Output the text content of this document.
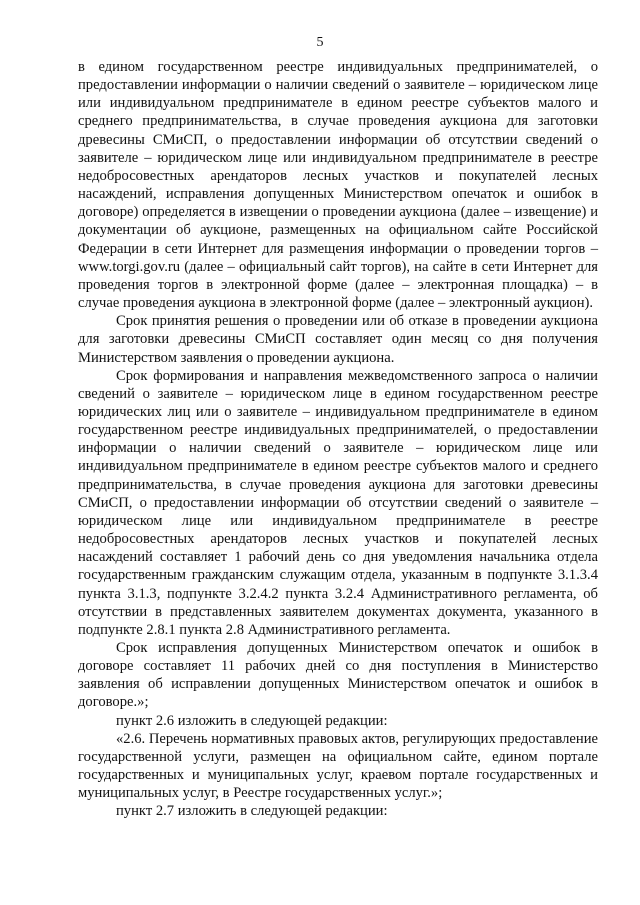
5

в едином государственном реестре индивидуальных предпринимателей, о предоставлении информации о наличии сведений о заявителе – юридическом лице или индивидуальном предпринимателе в едином реестре субъектов малого и среднего предпринимательства, в случае проведения аукциона для заготовки древесины СМиСП, о предоставлении информации об отсутствии сведений о заявителе – юридическом лице или индивидуальном предпринимателе в реестре недобросовестных арендаторов лесных участков и покупателей лесных насаждений, исправления допущенных Министерством опечаток и ошибок в договоре) определяется в извещении о проведении аукциона (далее – извещение) и документации об аукционе, размещенных на официальном сайте Российской Федерации в сети Интернет для размещения информации о проведении торгов – www.torgi.gov.ru (далее – официальный сайт торгов), на сайте в сети Интернет для проведения торгов в электронной форме (далее – электронная площадка) – в случае проведения аукциона в электронной форме (далее – электронный аукцион).

Срок принятия решения о проведении или об отказе в проведении аукциона для заготовки древесины СМиСП составляет один месяц со дня получения Министерством заявления о проведении аукциона.

Срок формирования и направления межведомственного запроса о наличии сведений о заявителе – юридическом лице в едином государственном реестре юридических лиц или о заявителе – индивидуальном предпринимателе в едином государственном реестре индивидуальных предпринимателей, о предоставлении информации о наличии сведений о заявителе – юридическом лице или индивидуальном предпринимателе в едином реестре субъектов малого и среднего предпринимательства, в случае проведения аукциона для заготовки древесины СМиСП, о предоставлении информации об отсутствии сведений о заявителе – юридическом лице или индивидуальном предпринимателе в реестре недобросовестных арендаторов лесных участков и покупателей лесных насаждений составляет 1 рабочий день со дня уведомления начальника отдела государственным гражданским служащим отдела, указанным в подпункте 3.1.3.4 пункта 3.1.3, подпункте 3.2.4.2 пункта 3.2.4 Административного регламента, об отсутствии в представленных заявителем документах документа, указанного в подпункте 2.8.1 пункта 2.8 Административного регламента.

Срок исправления допущенных Министерством опечаток и ошибок в договоре составляет 11 рабочих дней со дня поступления в Министерство заявления об исправлении допущенных Министерством опечаток и ошибок в договоре.»;

пункт 2.6 изложить в следующей редакции:

«2.6. Перечень нормативных правовых актов, регулирующих предоставление государственной услуги, размещен на официальном сайте, едином портале государственных и муниципальных услуг, краевом портале государственных и муниципальных услуг, в Реестре государственных услуг.»;

пункт 2.7 изложить в следующей редакции:
